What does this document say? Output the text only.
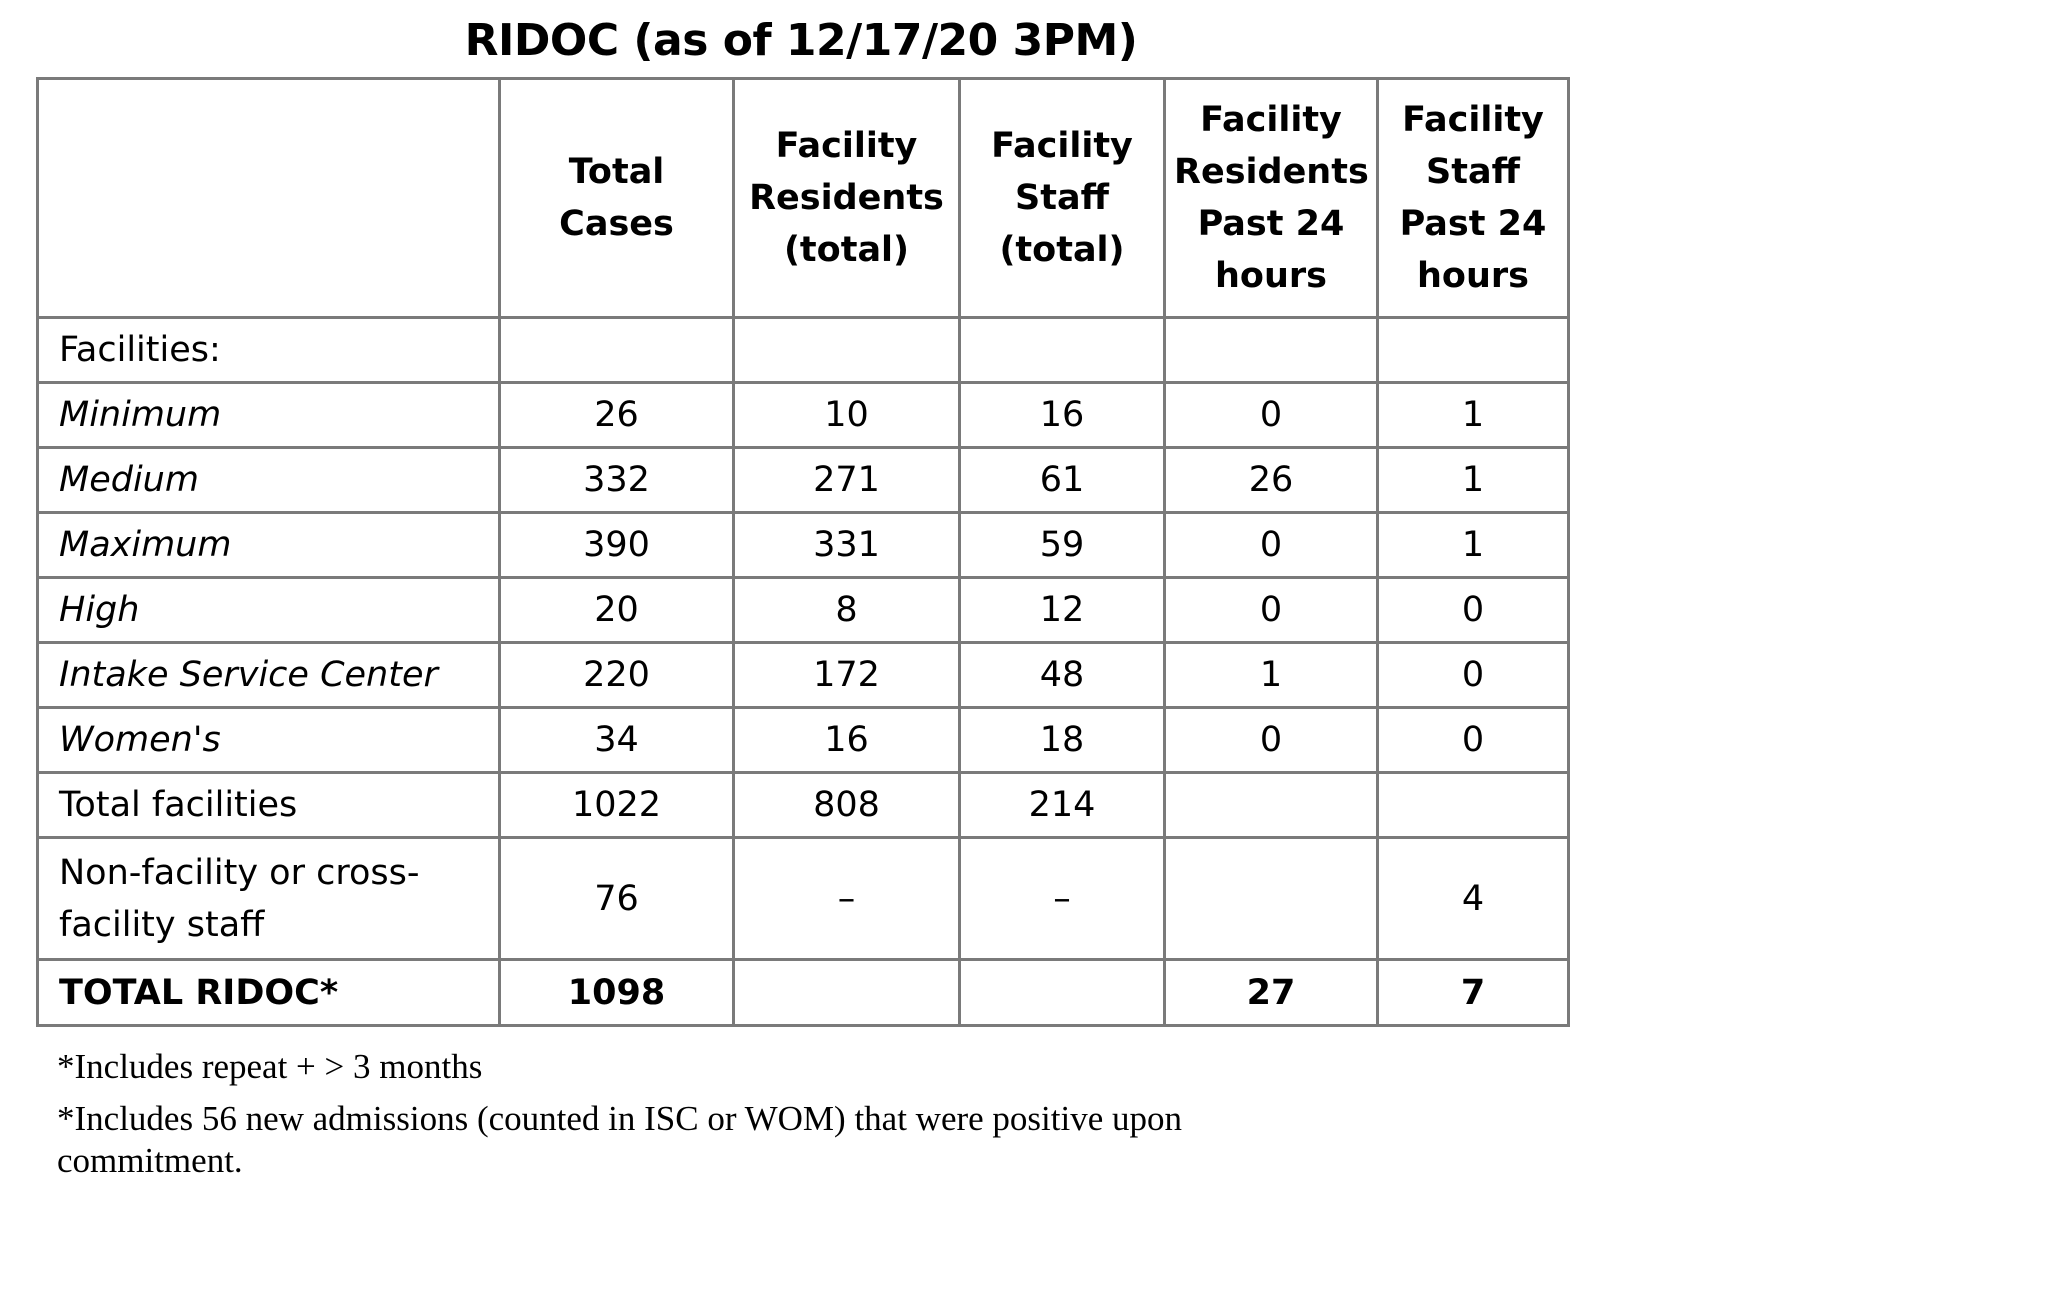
RIDOC (as of 12/17/20 3PM)
	Total Cases	Facility Residents (total)	Facility Staff (total)	Facility Residents Past 24 hours	Facility Staff Past 24 hours
Facilities:					
Minimum	26	10	16	0	1
Medium	332	271	61	26	1
Maximum	390	331	59	0	1
High	20	8	12	0	0
Intake Service Center	220	172	48	1	0
Women's	34	16	18	0	0
Total facilities	1022	808	214		
Non-facility or cross-facility staff	76	–	–		4
TOTAL RIDOC*	1098			27	7

*Includes repeat + > 3 months

*Includes 56 new admissions (counted in ISC or WOM) that were positive upon commitment.
